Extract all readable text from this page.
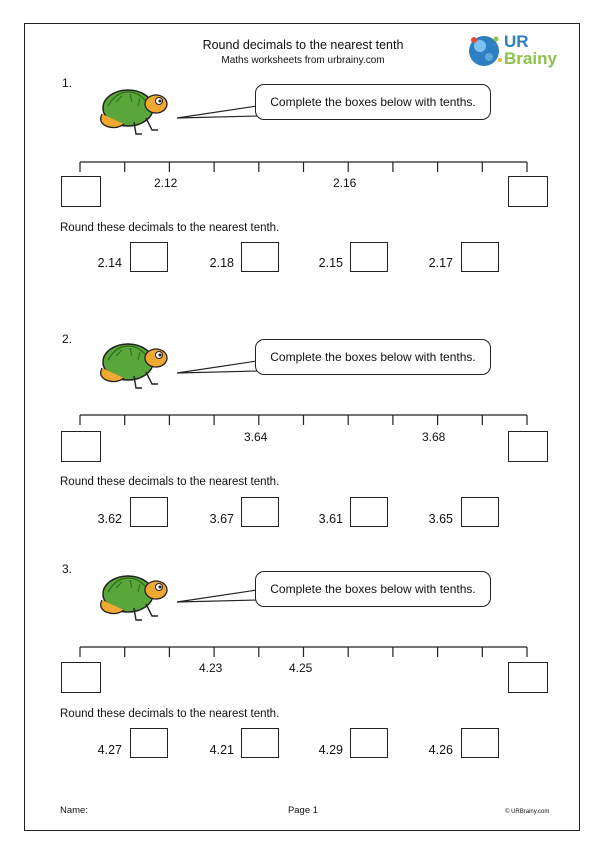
Round decimals to the nearest tenth
Maths worksheets from urbrainy.com
UR
Brainy
1.
Complete the boxes below with tenths.
2.12	2.16
Round these decimals to the nearest tenth.
2.14	2.18	2.15	2.17
2.
Complete the boxes below with tenths.
3.64	3.68
Round these decimals to the nearest tenth.
3.62	3.67	3.61	3.65
3.
Complete the boxes below with tenths.
4.23	4.25
Round these decimals to the nearest tenth.
4.27	4.21	4.29	4.26
Name:	Page 1	© URBrainy.com
